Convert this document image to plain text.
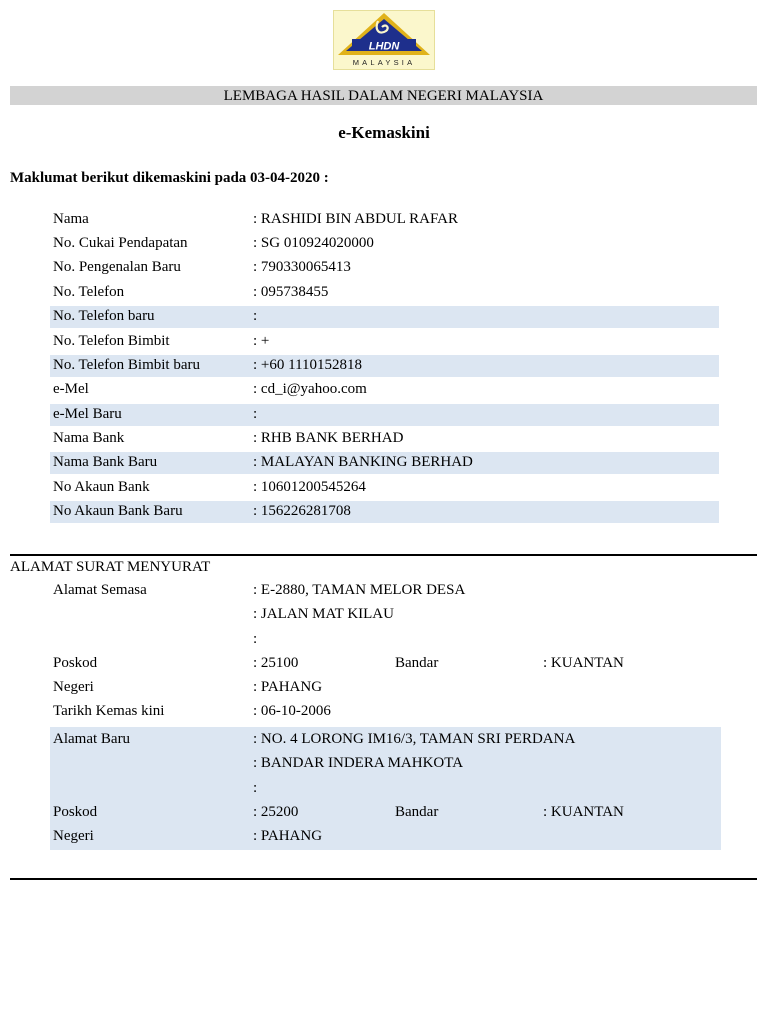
LHDN
MALAYSIA
LEMBAGA HASIL DALAM NEGERI MALAYSIA
e-Kemaskini
Maklumat berikut dikemaskini pada 03-04-2020 :
Nama	: RASHIDI BIN ABDUL RAFAR
No. Cukai Pendapatan	: SG 010924020000
No. Pengenalan Baru	: 790330065413
No. Telefon	: 095738455
No. Telefon baru	:
No. Telefon Bimbit	: +
No. Telefon Bimbit baru	: +60 1110152818
e-Mel	: cd_i@yahoo.com
e-Mel Baru	:
Nama Bank	: RHB BANK BERHAD
Nama Bank Baru	: MALAYAN BANKING BERHAD
No Akaun Bank	: 10601200545264
No Akaun Bank Baru	: 156226281708
ALAMAT SURAT MENYURAT
Alamat Semasa	: E-2880, TAMAN MELOR DESA
: JALAN MAT KILAU
:
Poskod	: 25100	Bandar	: KUANTAN
Negeri	: PAHANG
Tarikh Kemas kini	: 06-10-2006
Alamat Baru	: NO. 4 LORONG IM16/3, TAMAN SRI PERDANA
: BANDAR INDERA MAHKOTA
:
Poskod	: 25200	Bandar	: KUANTAN
Negeri	: PAHANG
